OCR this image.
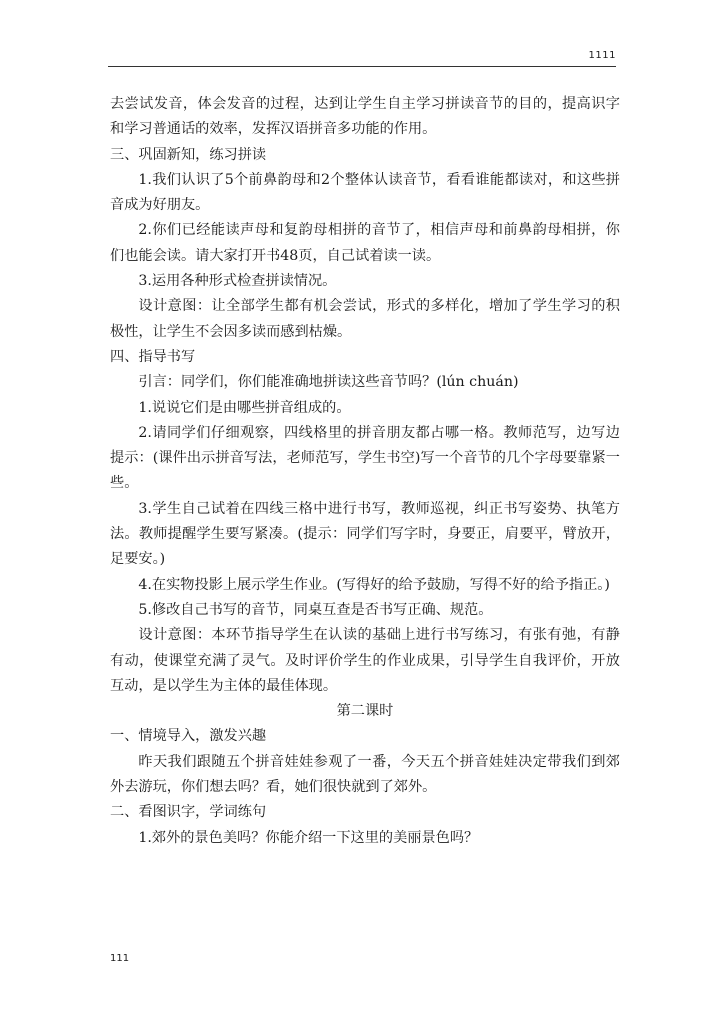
1111

去尝试发音，体会发音的过程，达到让学生自主学习拼读音节的目的，提高识字和学习普通话的效率，发挥汉语拼音多功能的作用。

三、巩固新知，练习拼读

1.我们认识了5个前鼻韵母和2个整体认读音节，看看谁能都读对，和这些拼音成为好朋友。

2.你们已经能读声母和复韵母相拼的音节了，相信声母和前鼻韵母相拼，你们也能会读。请大家打开书48页，自己试着读一读。

3.运用各种形式检查拼读情况。

设计意图：让全部学生都有机会尝试，形式的多样化，增加了学生学习的积极性，让学生不会因多读而感到枯燥。

四、指导书写

引言：同学们，你们能准确地拼读这些音节吗？(lún chuán)

1.说说它们是由哪些拼音组成的。

2.请同学们仔细观察，四线格里的拼音朋友都占哪一格。教师范写，边写边提示：(课件出示拼音写法，老师范写，学生书空)写一个音节的几个字母要靠紧一些。

3.学生自己试着在四线三格中进行书写，教师巡视，纠正书写姿势、执笔方法。教师提醒学生要写紧凑。(提示：同学们写字时，身要正，肩要平，臂放开，足要安。)

4.在实物投影上展示学生作业。(写得好的给予鼓励，写得不好的给予指正。)

5.修改自己书写的音节，同桌互查是否书写正确、规范。

设计意图：本环节指导学生在认读的基础上进行书写练习，有张有弛，有静有动，使课堂充满了灵气。及时评价学生的作业成果，引导学生自我评价，开放互动，是以学生为主体的最佳体现。

第二课时

一、情境导入，激发兴趣

昨天我们跟随五个拼音娃娃参观了一番，今天五个拼音娃娃决定带我们到郊外去游玩，你们想去吗？看，她们很快就到了郊外。

二、看图识字，学词练句

1.郊外的景色美吗？你能介绍一下这里的美丽景色吗？

111
